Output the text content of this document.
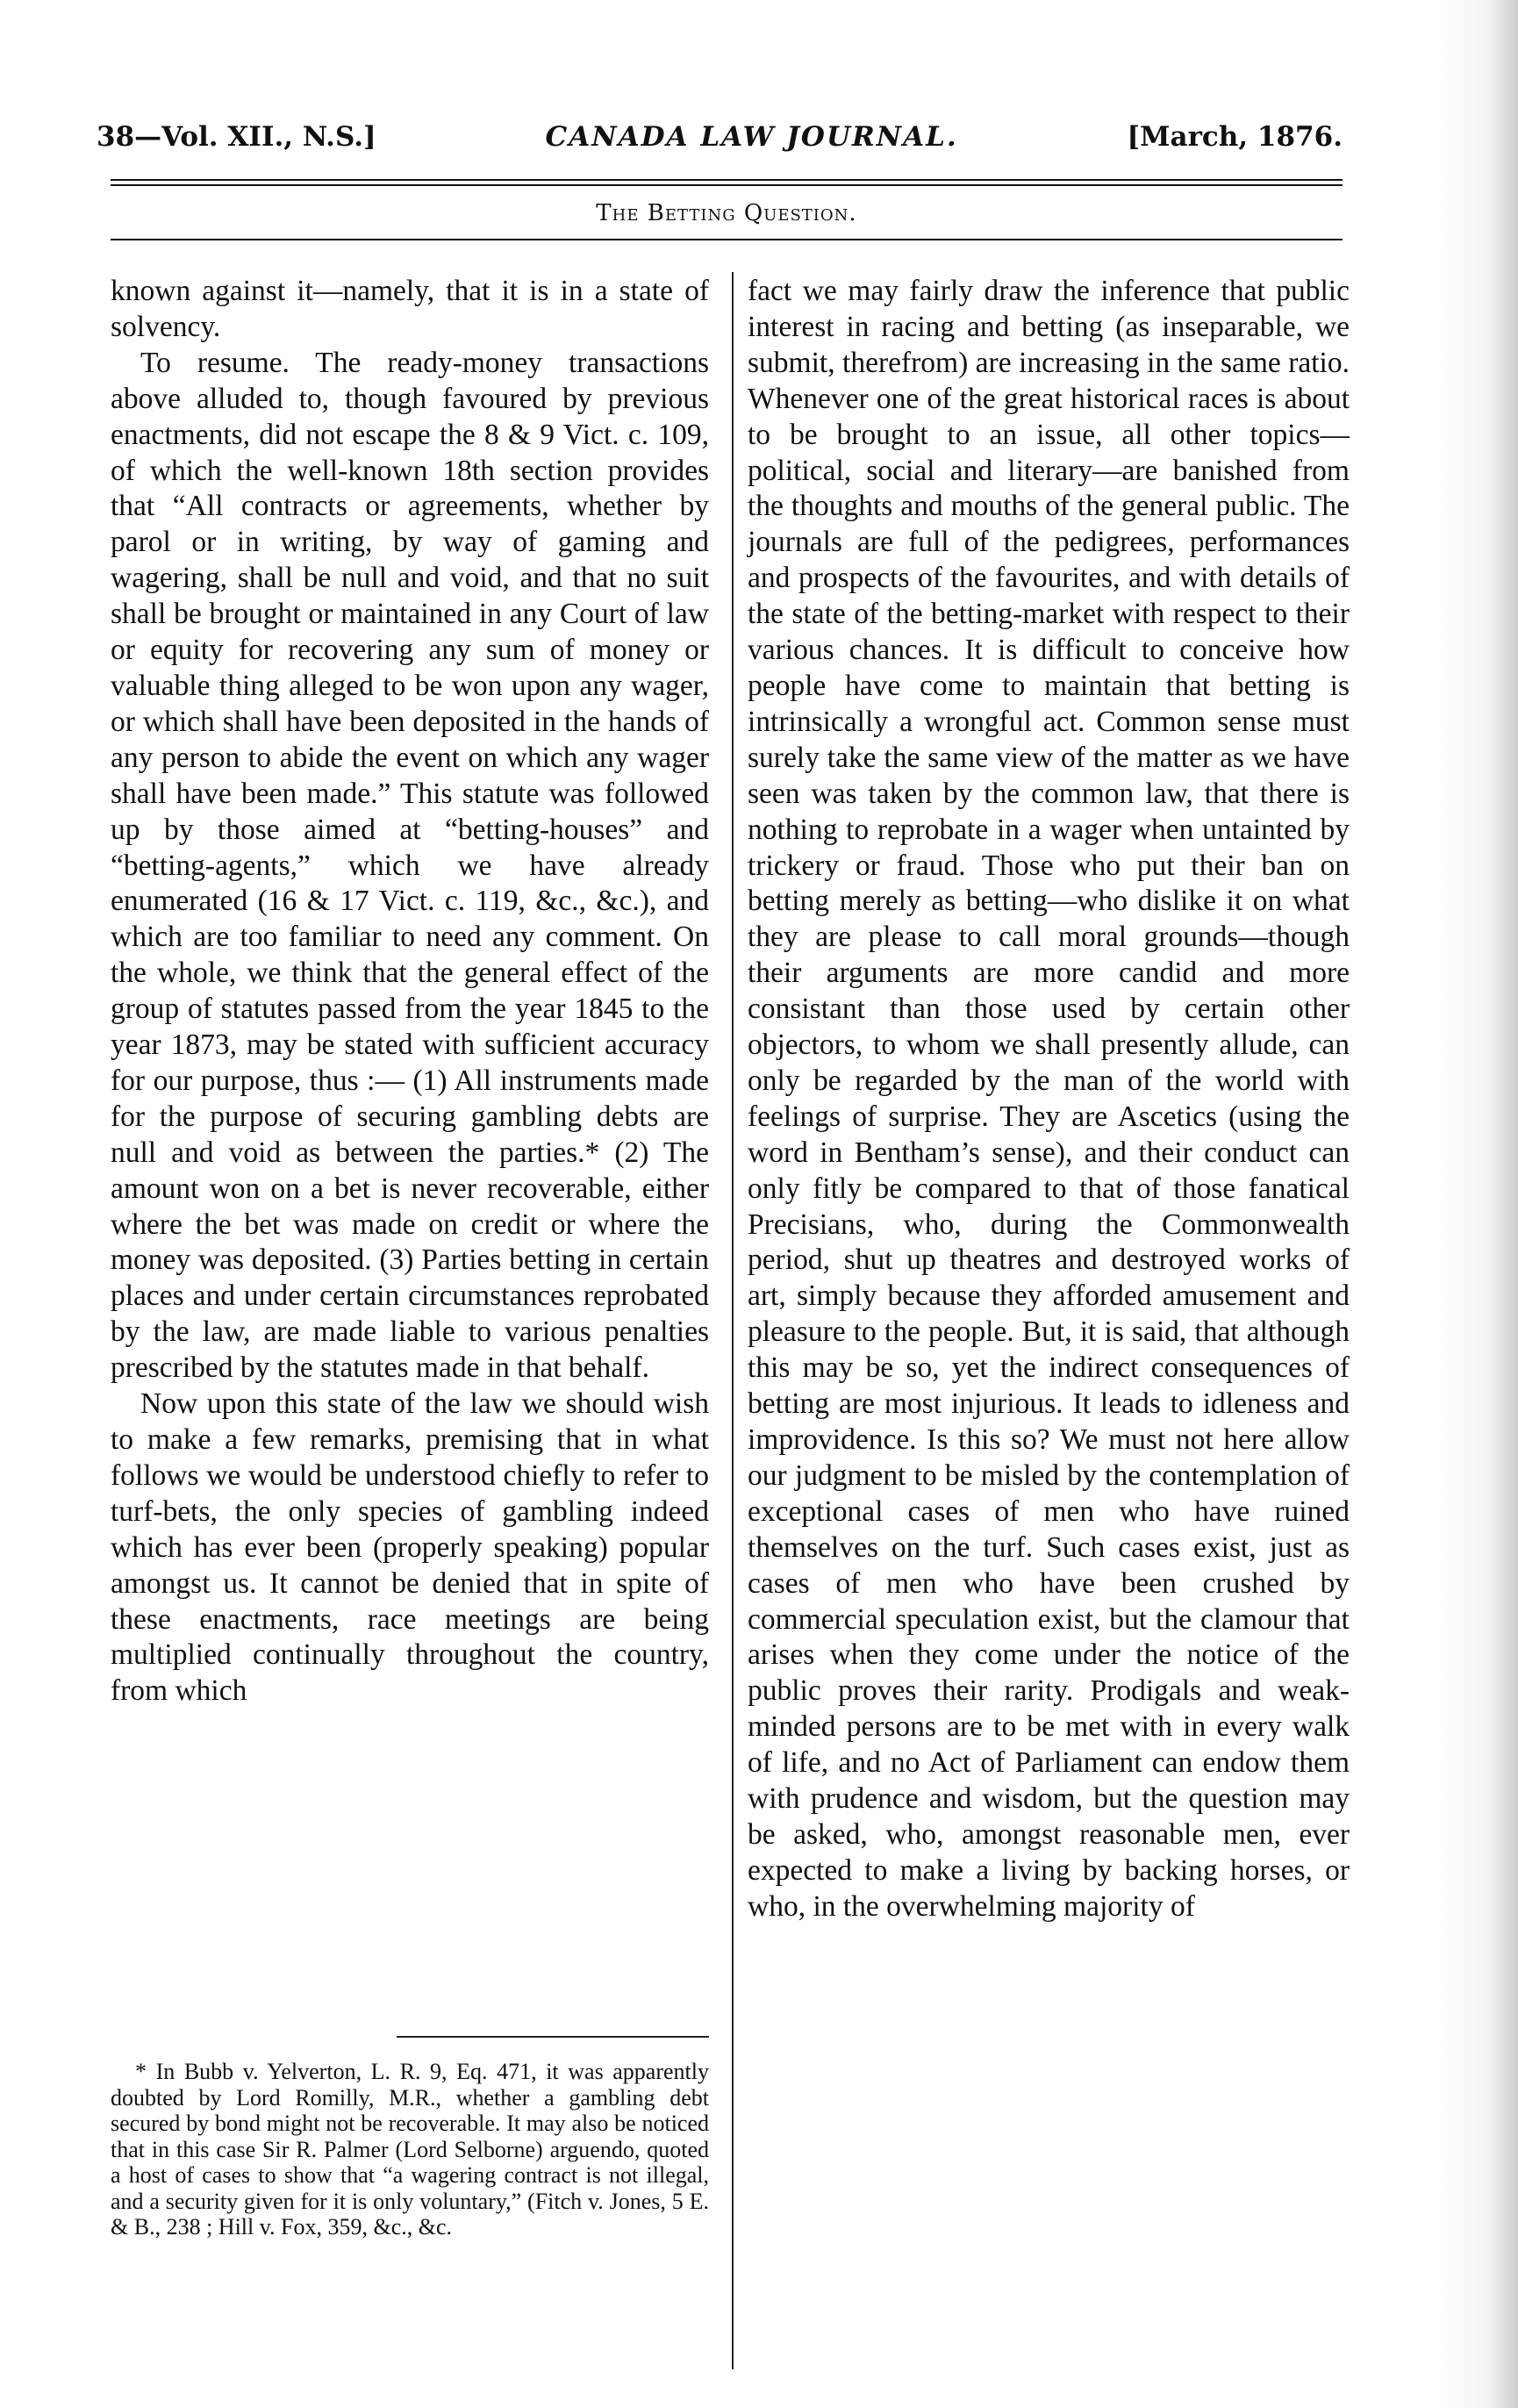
38—Vol. XII., N.S.]	CANADA LAW JOURNAL.	[March, 1876.
The Betting Question.

known against it—namely, that it is in a state of solvency.

To resume. The ready-money transactions above alluded to, though favoured by previous enactments, did not escape the 8 & 9 Vict. c. 109, of which the well-known 18th section provides that “All contracts or agreements, whether by parol or in writing, by way of gaming and wagering, shall be null and void, and that no suit shall be brought or maintained in any Court of law or equity for recovering any sum of money or valuable thing alleged to be won upon any wager, or which shall have been deposited in the hands of any person to abide the event on which any wager shall have been made.” This statute was followed up by those aimed at “betting-houses” and “betting-agents,” which we have already enumerated (16 & 17 Vict. c. 119, &c., &c.), and which are too familiar to need any comment. On the whole, we think that the general effect of the group of statutes passed from the year 1845 to the year 1873, may be stated with sufficient accuracy for our purpose, thus :— (1) All instruments made for the purpose of securing gambling debts are null and void as between the parties.* (2) The amount won on a bet is never recoverable, either where the bet was made on credit or where the money was deposited. (3) Parties betting in certain places and under certain circumstances reprobated by the law, are made liable to various penalties prescribed by the statutes made in that behalf.

Now upon this state of the law we should wish to make a few remarks, premising that in what follows we would be understood chiefly to refer to turf-bets, the only species of gambling indeed which has ever been (properly speaking) popular amongst us. It cannot be denied that in spite of these enactments, race meetings are being multiplied continually throughout the country, from which

fact we may fairly draw the inference that public interest in racing and betting (as inseparable, we submit, therefrom) are increasing in the same ratio. Whenever one of the great historical races is about to be brought to an issue, all other topics—political, social and literary—are banished from the thoughts and mouths of the general public. The journals are full of the pedigrees, performances and prospects of the favourites, and with details of the state of the betting-market with respect to their various chances. It is difficult to conceive how people have come to maintain that betting is intrinsically a wrongful act. Common sense must surely take the same view of the matter as we have seen was taken by the common law, that there is nothing to reprobate in a wager when untainted by trickery or fraud. Those who put their ban on betting merely as betting—who dislike it on what they are please to call moral grounds—though their arguments are more candid and more consistant than those used by certain other objectors, to whom we shall presently allude, can only be regarded by the man of the world with feelings of surprise. They are Ascetics (using the word in Bentham’s sense), and their conduct can only fitly be compared to that of those fanatical Precisians, who, during the Commonwealth period, shut up theatres and destroyed works of art, simply because they afforded amusement and pleasure to the people. But, it is said, that although this may be so, yet the indirect consequences of betting are most injurious. It leads to idleness and improvidence. Is this so? We must not here allow our judgment to be misled by the contemplation of exceptional cases of men who have ruined themselves on the turf. Such cases exist, just as cases of men who have been crushed by commercial speculation exist, but the clamour that arises when they come under the notice of the public proves their rarity. Prodigals and weak-minded persons are to be met with in every walk of life, and no Act of Parliament can endow them with prudence and wisdom, but the question may be asked, who, amongst reasonable men, ever expected to make a living by backing horses, or who, in the overwhelming majority of

* In Bubb v. Yelverton, L. R. 9, Eq. 471, it was apparently doubted by Lord Romilly, M.R., whether a gambling debt secured by bond might not be recoverable. It may also be noticed that in this case Sir R. Palmer (Lord Selborne) arguendo, quoted a host of cases to show that “a wagering contract is not illegal, and a security given for it is only voluntary,” (Fitch v. Jones, 5 E. & B., 238 ; Hill v. Fox, 359, &c., &c.
